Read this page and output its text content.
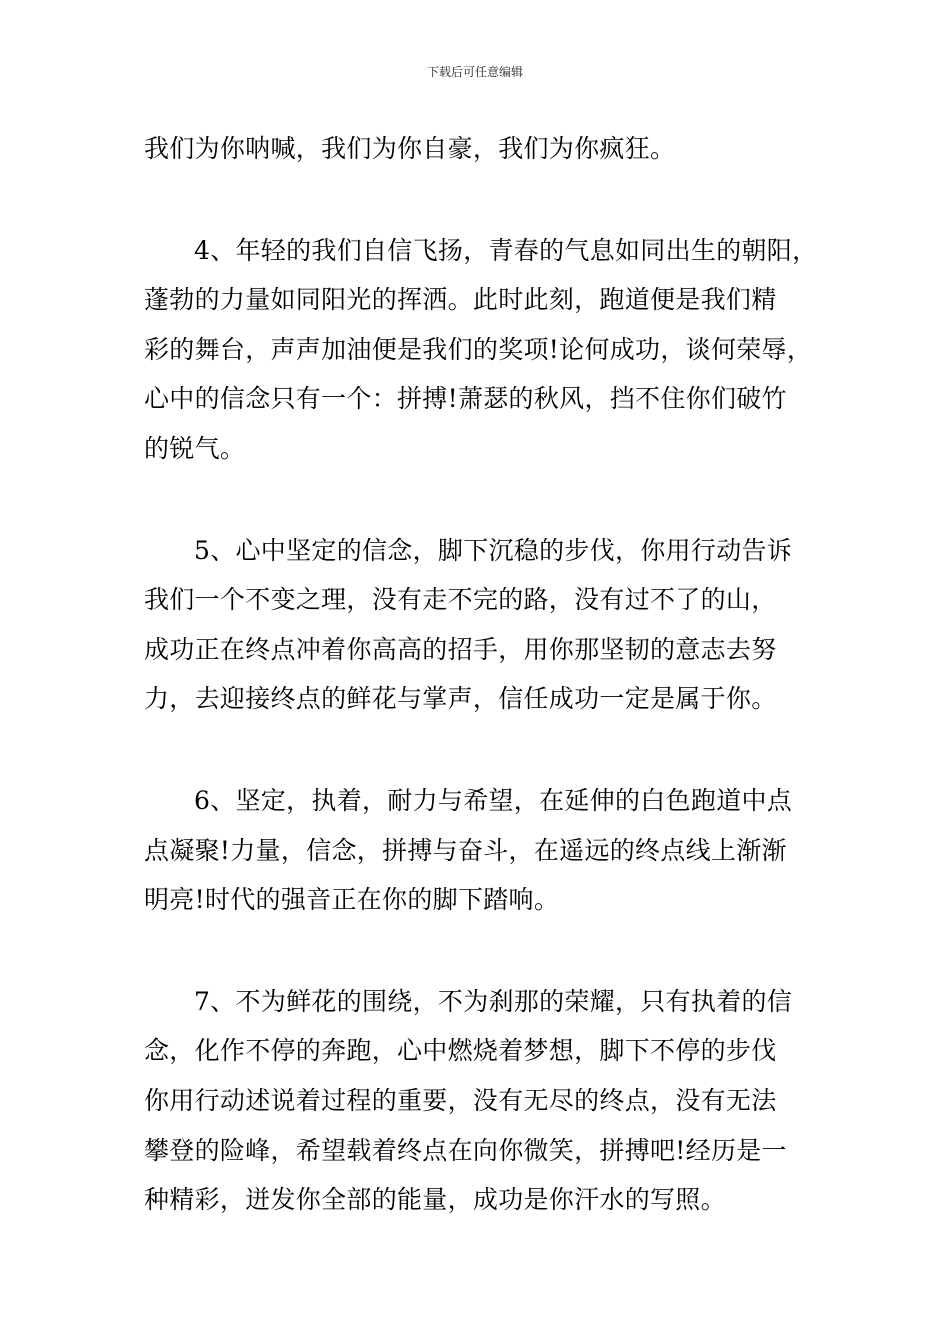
下载后可任意编辑

我们为你呐喊，我们为你自豪，我们为你疯狂。

4、年轻的我们自信飞扬，青春的气息如同出生的朝阳，
蓬勃的力量如同阳光的挥洒。此时此刻，跑道便是我们精
彩的舞台，声声加油便是我们的奖项!论何成功，谈何荣辱，
心中的信念只有一个：拼搏!萧瑟的秋风，挡不住你们破竹
的锐气。

5、心中坚定的信念，脚下沉稳的步伐，你用行动告诉
我们一个不变之理，没有走不完的路，没有过不了的山，
成功正在终点冲着你高高的招手，用你那坚韧的意志去努
力，去迎接终点的鲜花与掌声，信任成功一定是属于你。

6、坚定，执着，耐力与希望，在延伸的白色跑道中点
点凝聚!力量，信念，拼搏与奋斗，在遥远的终点线上渐渐
明亮!时代的强音正在你的脚下踏响。

7、不为鲜花的围绕，不为刹那的荣耀，只有执着的信
念，化作不停的奔跑，心中燃烧着梦想，脚下不停的步伐
你用行动述说着过程的重要，没有无尽的终点，没有无法
攀登的险峰，希望载着终点在向你微笑，拼搏吧!经历是一
种精彩，迸发你全部的能量，成功是你汗水的写照。
